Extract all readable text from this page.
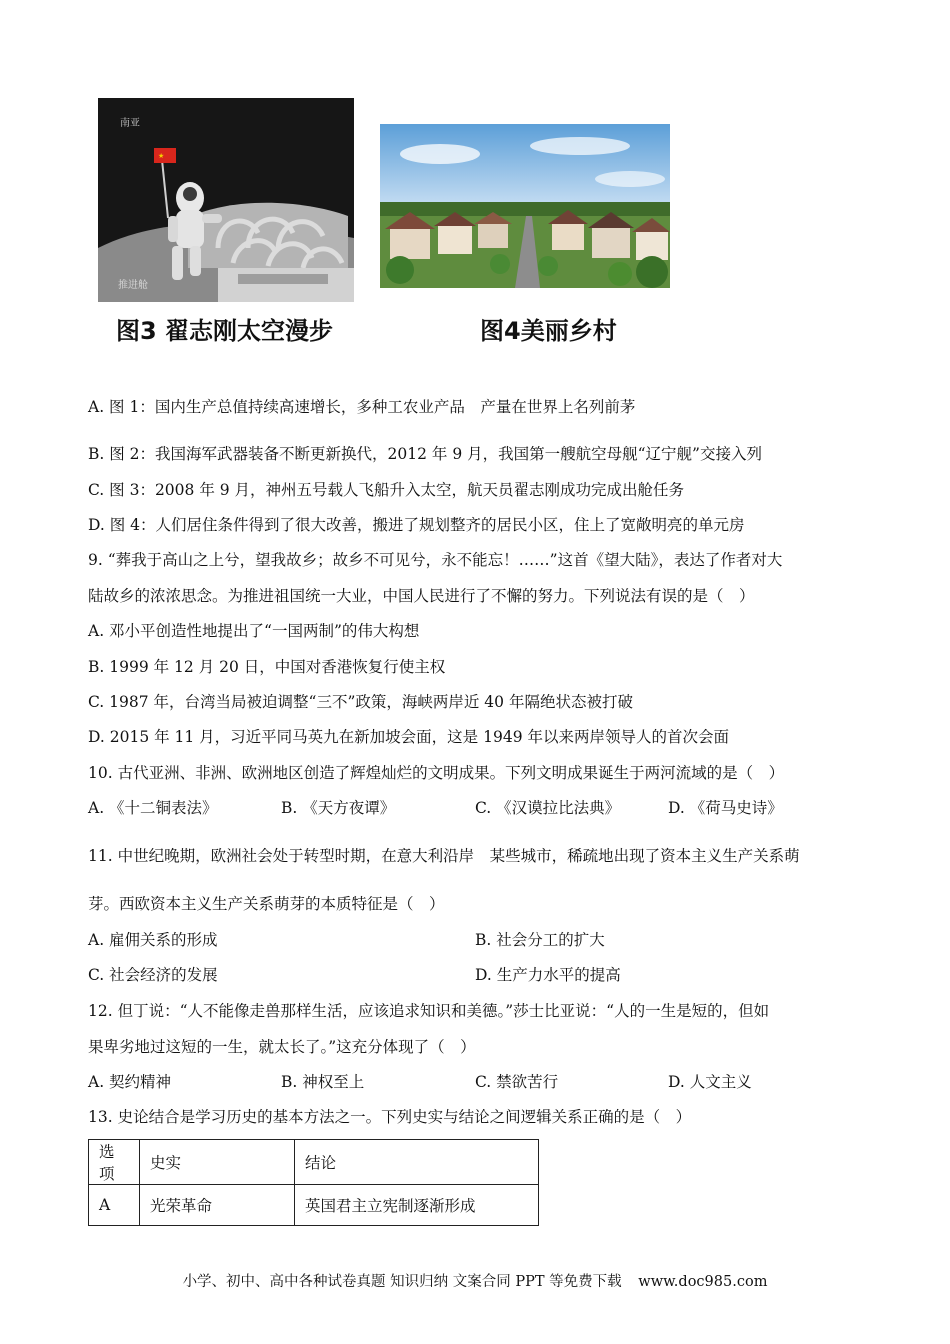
★
南亚
推进舱
图3 翟志刚太空漫步	图4美丽乡村
A. 图 1：国内生产总值持续高速增长，多种工农业产品　产量在世界上名列前茅
B. 图 2：我国海军武器装备不断更新换代，2012 年 9 月，我国第一艘航空母舰“辽宁舰”交接入列
C. 图 3：2008 年 9 月，神州五号载人飞船升入太空，航天员翟志刚成功完成出舱任务
D. 图 4：人们居住条件得到了很大改善，搬进了规划整齐的居民小区，住上了宽敞明亮的单元房
9. “葬我于高山之上兮，望我故乡；故乡不可见兮，永不能忘！……”这首《望大陆》，表达了作者对大
陆故乡的浓浓思念。为推进祖国统一大业，中国人民进行了不懈的努力。下列说法有误的是（　）
A. 邓小平创造性地提出了“一国两制”的伟大构想
B. 1999 年 12 月 20 日，中国对香港恢复行使主权
C. 1987 年，台湾当局被迫调整“三不”政策，海峡两岸近 40 年隔绝状态被打破
D. 2015 年 11 月，习近平同马英九在新加坡会面，这是 1949 年以来两岸领导人的首次会面
10. 古代亚洲、非洲、欧洲地区创造了辉煌灿烂的文明成果。下列文明成果诞生于两河流域的是（　）
A. 《十二铜表法》	B. 《天方夜谭》	C. 《汉谟拉比法典》	D. 《荷马史诗》
11. 中世纪晚期，欧洲社会处于转型时期，在意大利沿岸　某些城市，稀疏地出现了资本主义生产关系萌
芽。西欧资本主义生产关系萌芽的本质特征是（　）
A. 雇佣关系的形成	B. 社会分工的扩大
C. 社会经济的发展	D. 生产力水平的提高
12. 但丁说：“人不能像走兽那样生活，应该追求知识和美德。”莎士比亚说：“人的一生是短的，但如
果卑劣地过这短的一生，就太长了。”这充分体现了（　）
A. 契约精神	B. 神权至上	C. 禁欲苦行	D. 人文主义
13. 史论结合是学习历史的基本方法之一。下列史实与结论之间逻辑关系正确的是（　）
选项	史实	结论
A	光荣革命	英国君主立宪制逐渐形成
小学、初中、高中各种试卷真题 知识归纳 文案合同 PPT 等免费下载 www.doc985.com
